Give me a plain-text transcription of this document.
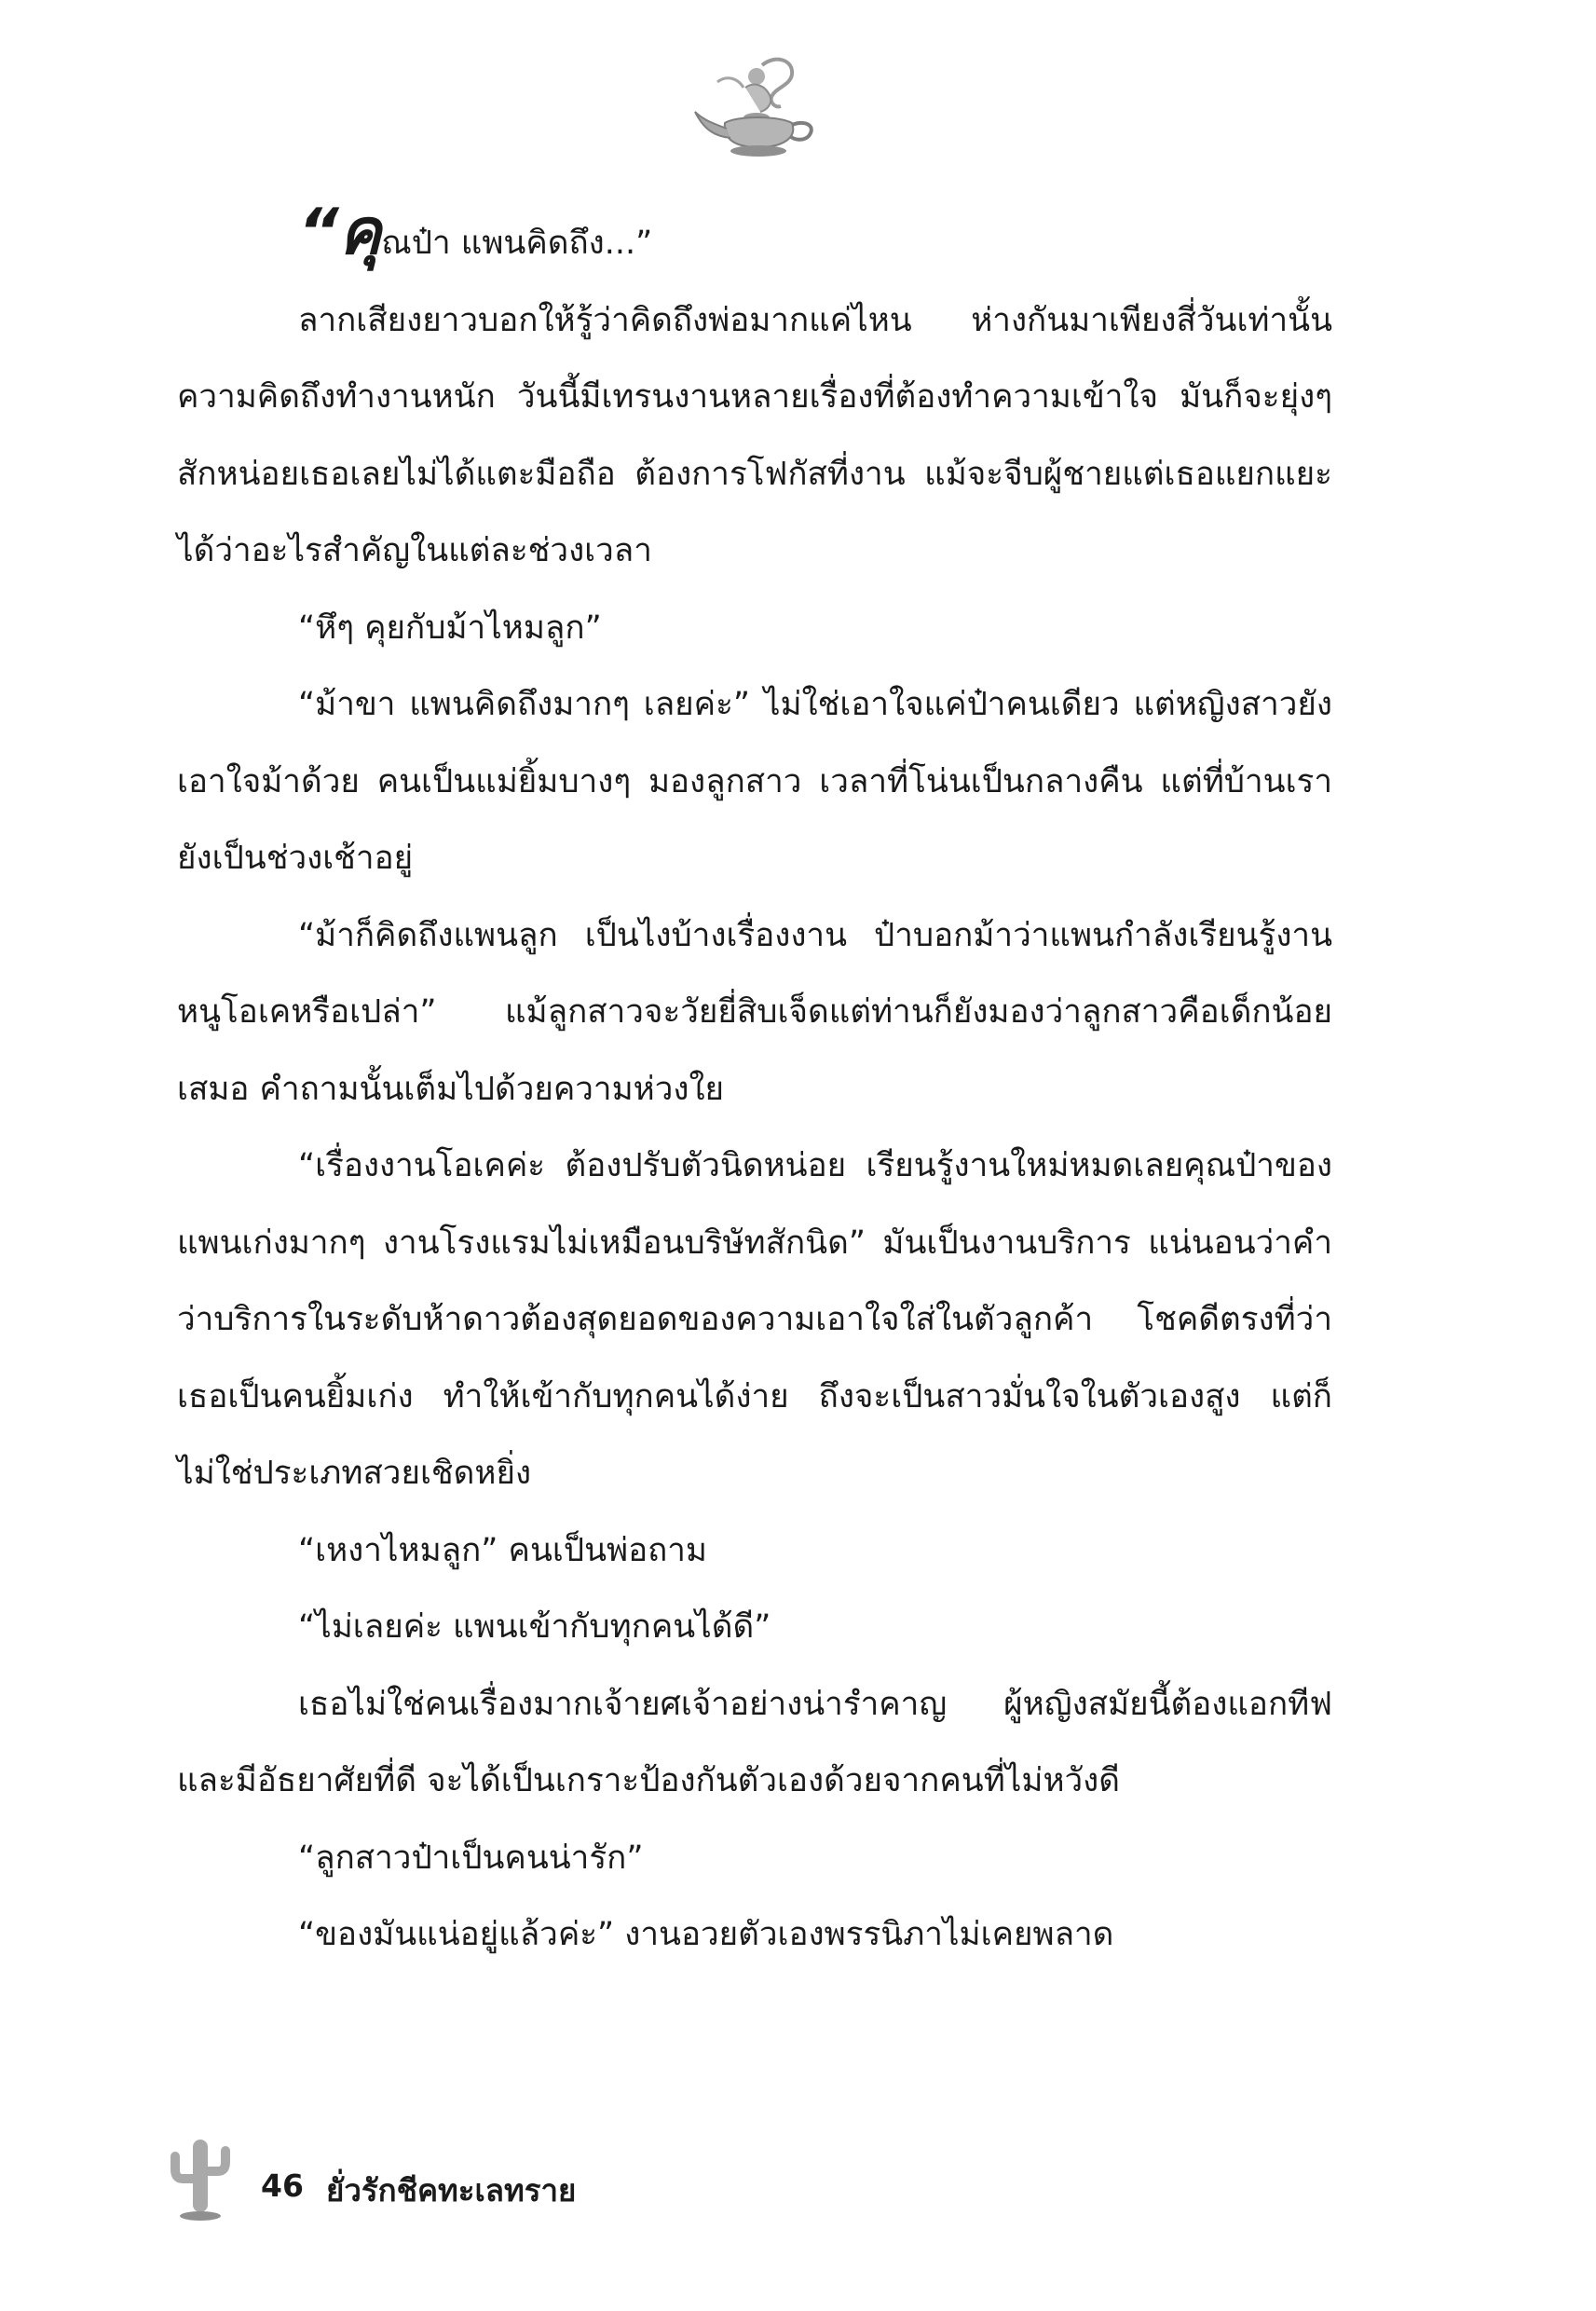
“คุณป๋า แพนคิดถึง...”

ลากเสียงยาวบอกให้รู้ว่าคิดถึงพ่อมากแค่ไหน ห่างกันมาเพียงสี่วันเท่านั้นความคิดถึงทำงานหนัก วันนี้มีเทรนงานหลายเรื่องที่ต้องทำความเข้าใจ มันก็จะยุ่งๆ สักหน่อยเธอเลยไม่ได้แตะมือถือ ต้องการโฟกัสที่งาน แม้จะจีบผู้ชายแต่เธอแยกแยะได้ว่าอะไรสำคัญในแต่ละช่วงเวลา

“หึๆ คุยกับม้าไหมลูก”

“ม้าขา แพนคิดถึงมากๆ เลยค่ะ” ไม่ใช่เอาใจแค่ป๋าคนเดียว แต่หญิงสาวยังเอาใจม้าด้วย คนเป็นแม่ยิ้มบางๆ มองลูกสาว เวลาที่โน่นเป็นกลางคืน แต่ที่บ้านเรายังเป็นช่วงเช้าอยู่

“ม้าก็คิดถึงแพนลูก เป็นไงบ้างเรื่องงาน ป๋าบอกม้าว่าแพนกำลังเรียนรู้งาน หนูโอเคหรือเปล่า” แม้ลูกสาวจะวัยยี่สิบเจ็ดแต่ท่านก็ยังมองว่าลูกสาวคือเด็กน้อยเสมอ คำถามนั้นเต็มไปด้วยความห่วงใย

“เรื่องงานโอเคค่ะ ต้องปรับตัวนิดหน่อย เรียนรู้งานใหม่หมดเลยคุณป๋าของแพนเก่งมากๆ งานโรงแรมไม่เหมือนบริษัทสักนิด” มันเป็นงานบริการ แน่นอนว่าคำว่าบริการในระดับห้าดาวต้องสุดยอดของความเอาใจใส่ในตัวลูกค้า โชคดีตรงที่ว่าเธอเป็นคนยิ้มเก่ง ทำให้เข้ากับทุกคนได้ง่าย ถึงจะเป็นสาวมั่นใจในตัวเองสูง แต่ก็ไม่ใช่ประเภทสวยเชิดหยิ่ง

“เหงาไหมลูก” คนเป็นพ่อถาม

“ไม่เลยค่ะ แพนเข้ากับทุกคนได้ดี”

เธอไม่ใช่คนเรื่องมากเจ้ายศเจ้าอย่างน่ารำคาญ ผู้หญิงสมัยนี้ต้องแอกทีฟและมีอัธยาศัยที่ดี จะได้เป็นเกราะป้องกันตัวเองด้วยจากคนที่ไม่หวังดี

“ลูกสาวป๋าเป็นคนน่ารัก”

“ของมันแน่อยู่แล้วค่ะ” งานอวยตัวเองพรรนิภาไม่เคยพลาด

46 ยั่วรักชีคทะเลทราย
